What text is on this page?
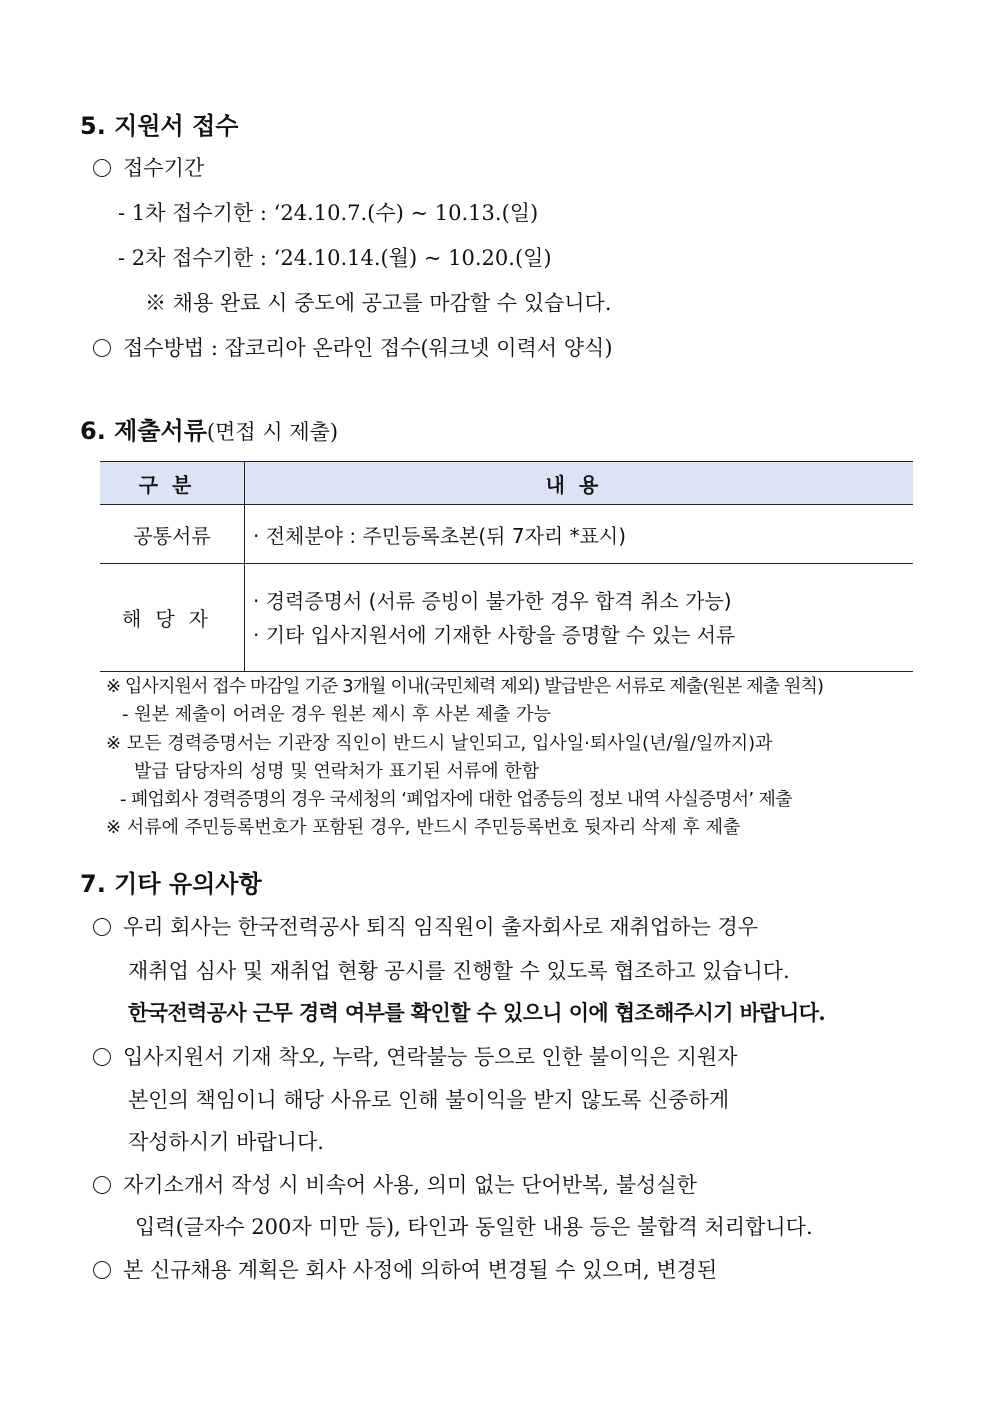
5. 지원서 접수
접수기간
- 1차 접수기한 : ‘24.10.7.(수) ~ 10.13.(일)
- 2차 접수기한 : ‘24.10.14.(월) ~ 10.20.(일)
※ 채용 완료 시 중도에 공고를 마감할 수 있습니다.
접수방법 : 잡코리아 온라인 접수(워크넷 이력서 양식)
6. 제출서류(면접 시 제출)
구분	내용
공통서류	· 전체분야 : 주민등록초본(뒤 7자리 *표시)

해당자	· 경력증명서 (서류 증빙이 불가한 경우 합격 취소 가능)
· 기타 입사지원서에 기재한 사항을 증명할 수 있는 서류
※ 입사지원서 접수 마감일 기준 3개월 이내(국민체력 제외) 발급받은 서류로 제출(원본 제출 원칙)
- 원본 제출이 어려운 경우 원본 제시 후 사본 제출 가능
※ 모든 경력증명서는 기관장 직인이 반드시 날인되고, 입사일·퇴사일(년/월/일까지)과
발급 담당자의 성명 및 연락처가 표기된 서류에 한함
- 폐업회사 경력증명의 경우 국세청의 ‘폐업자에 대한 업종등의 정보 내역 사실증명서’ 제출
※ 서류에 주민등록번호가 포함된 경우, 반드시 주민등록번호 뒷자리 삭제 후 제출
7. 기타 유의사항
우리 회사는 한국전력공사 퇴직 임직원이 출자회사로 재취업하는 경우
재취업 심사 및 재취업 현황 공시를 진행할 수 있도록 협조하고 있습니다.
한국전력공사 근무 경력 여부를 확인할 수 있으니 이에 협조해주시기 바랍니다.
입사지원서 기재 착오, 누락, 연락불능 등으로 인한 불이익은 지원자
본인의 책임이니 해당 사유로 인해 불이익을 받지 않도록 신중하게
작성하시기 바랍니다.
자기소개서 작성 시 비속어 사용, 의미 없는 단어반복, 불성실한
입력(글자수 200자 미만 등), 타인과 동일한 내용 등은 불합격 처리합니다.
본 신규채용 계획은 회사 사정에 의하여 변경될 수 있으며, 변경된
